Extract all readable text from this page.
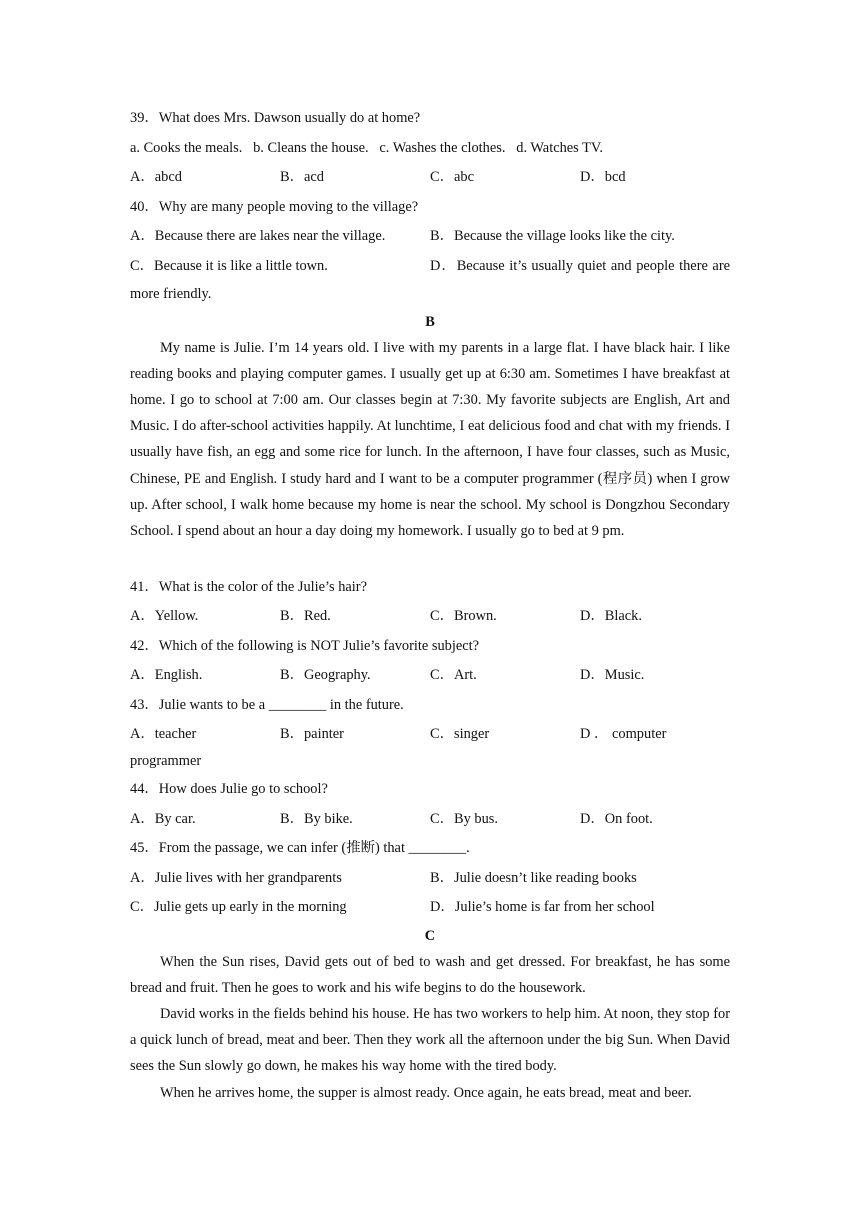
39．What does Mrs. Dawson usually do at home?
a. Cooks the meals.   b. Cleans the house.   c. Washes the clothes.   d. Watches TV.
A．abcd	B．acd	C．abc	D．bcd
40．Why are many people moving to the village?
A．Because there are lakes near the village.	B．Because the village looks like the city.
C．Because it is like a little town.	D．Because it’s usually quiet and people there are more friendly.

B

My name is Julie. I’m 14 years old. I live with my parents in a large flat. I have black hair. I like reading books and playing computer games. I usually get up at 6:30 am. Sometimes I have breakfast at home. I go to school at 7:00 am. Our classes begin at 7:30. My favorite subjects are English, Art and Music. I do after-school activities happily. At lunchtime, I eat delicious food and chat with my friends. I usually have fish, an egg and some rice for lunch. In the afternoon, I have four classes, such as Music, Chinese, PE and English. I study hard and I want to be a computer programmer (程序员) when I grow up. After school, I walk home because my home is near the school. My school is Dongzhou Secondary School. I spend about an hour a day doing my homework. I usually go to bed at 9 pm.

41．What is the color of the Julie’s hair?
A．Yellow.	B．Red.	C．Brown.	D．Black.
42．Which of the following is NOT Julie’s favorite subject?
A．English.	B．Geography.	C．Art.	D．Music.
43．Julie wants to be a ________ in the future.
A．teacher	B．painter	C．singer	D ． computer
programmer
44．How does Julie go to school?
A．By car.	B．By bike.	C．By bus.	D．On foot.
45．From the passage, we can infer (推断) that ________.
A．Julie lives with her grandparents	B．Julie doesn’t like reading books
C．Julie gets up early in the morning	D．Julie’s home is far from her school
C

When the Sun rises, David gets out of bed to wash and get dressed. For breakfast, he has some bread and fruit. Then he goes to work and his wife begins to do the housework.

David works in the fields behind his house. He has two workers to help him. At noon, they stop for a quick lunch of bread, meat and beer. Then they work all the afternoon under the big Sun. When David sees the Sun slowly go down, he makes his way home with the tired body.

When he arrives home, the supper is almost ready. Once again, he eats bread, meat and beer.
